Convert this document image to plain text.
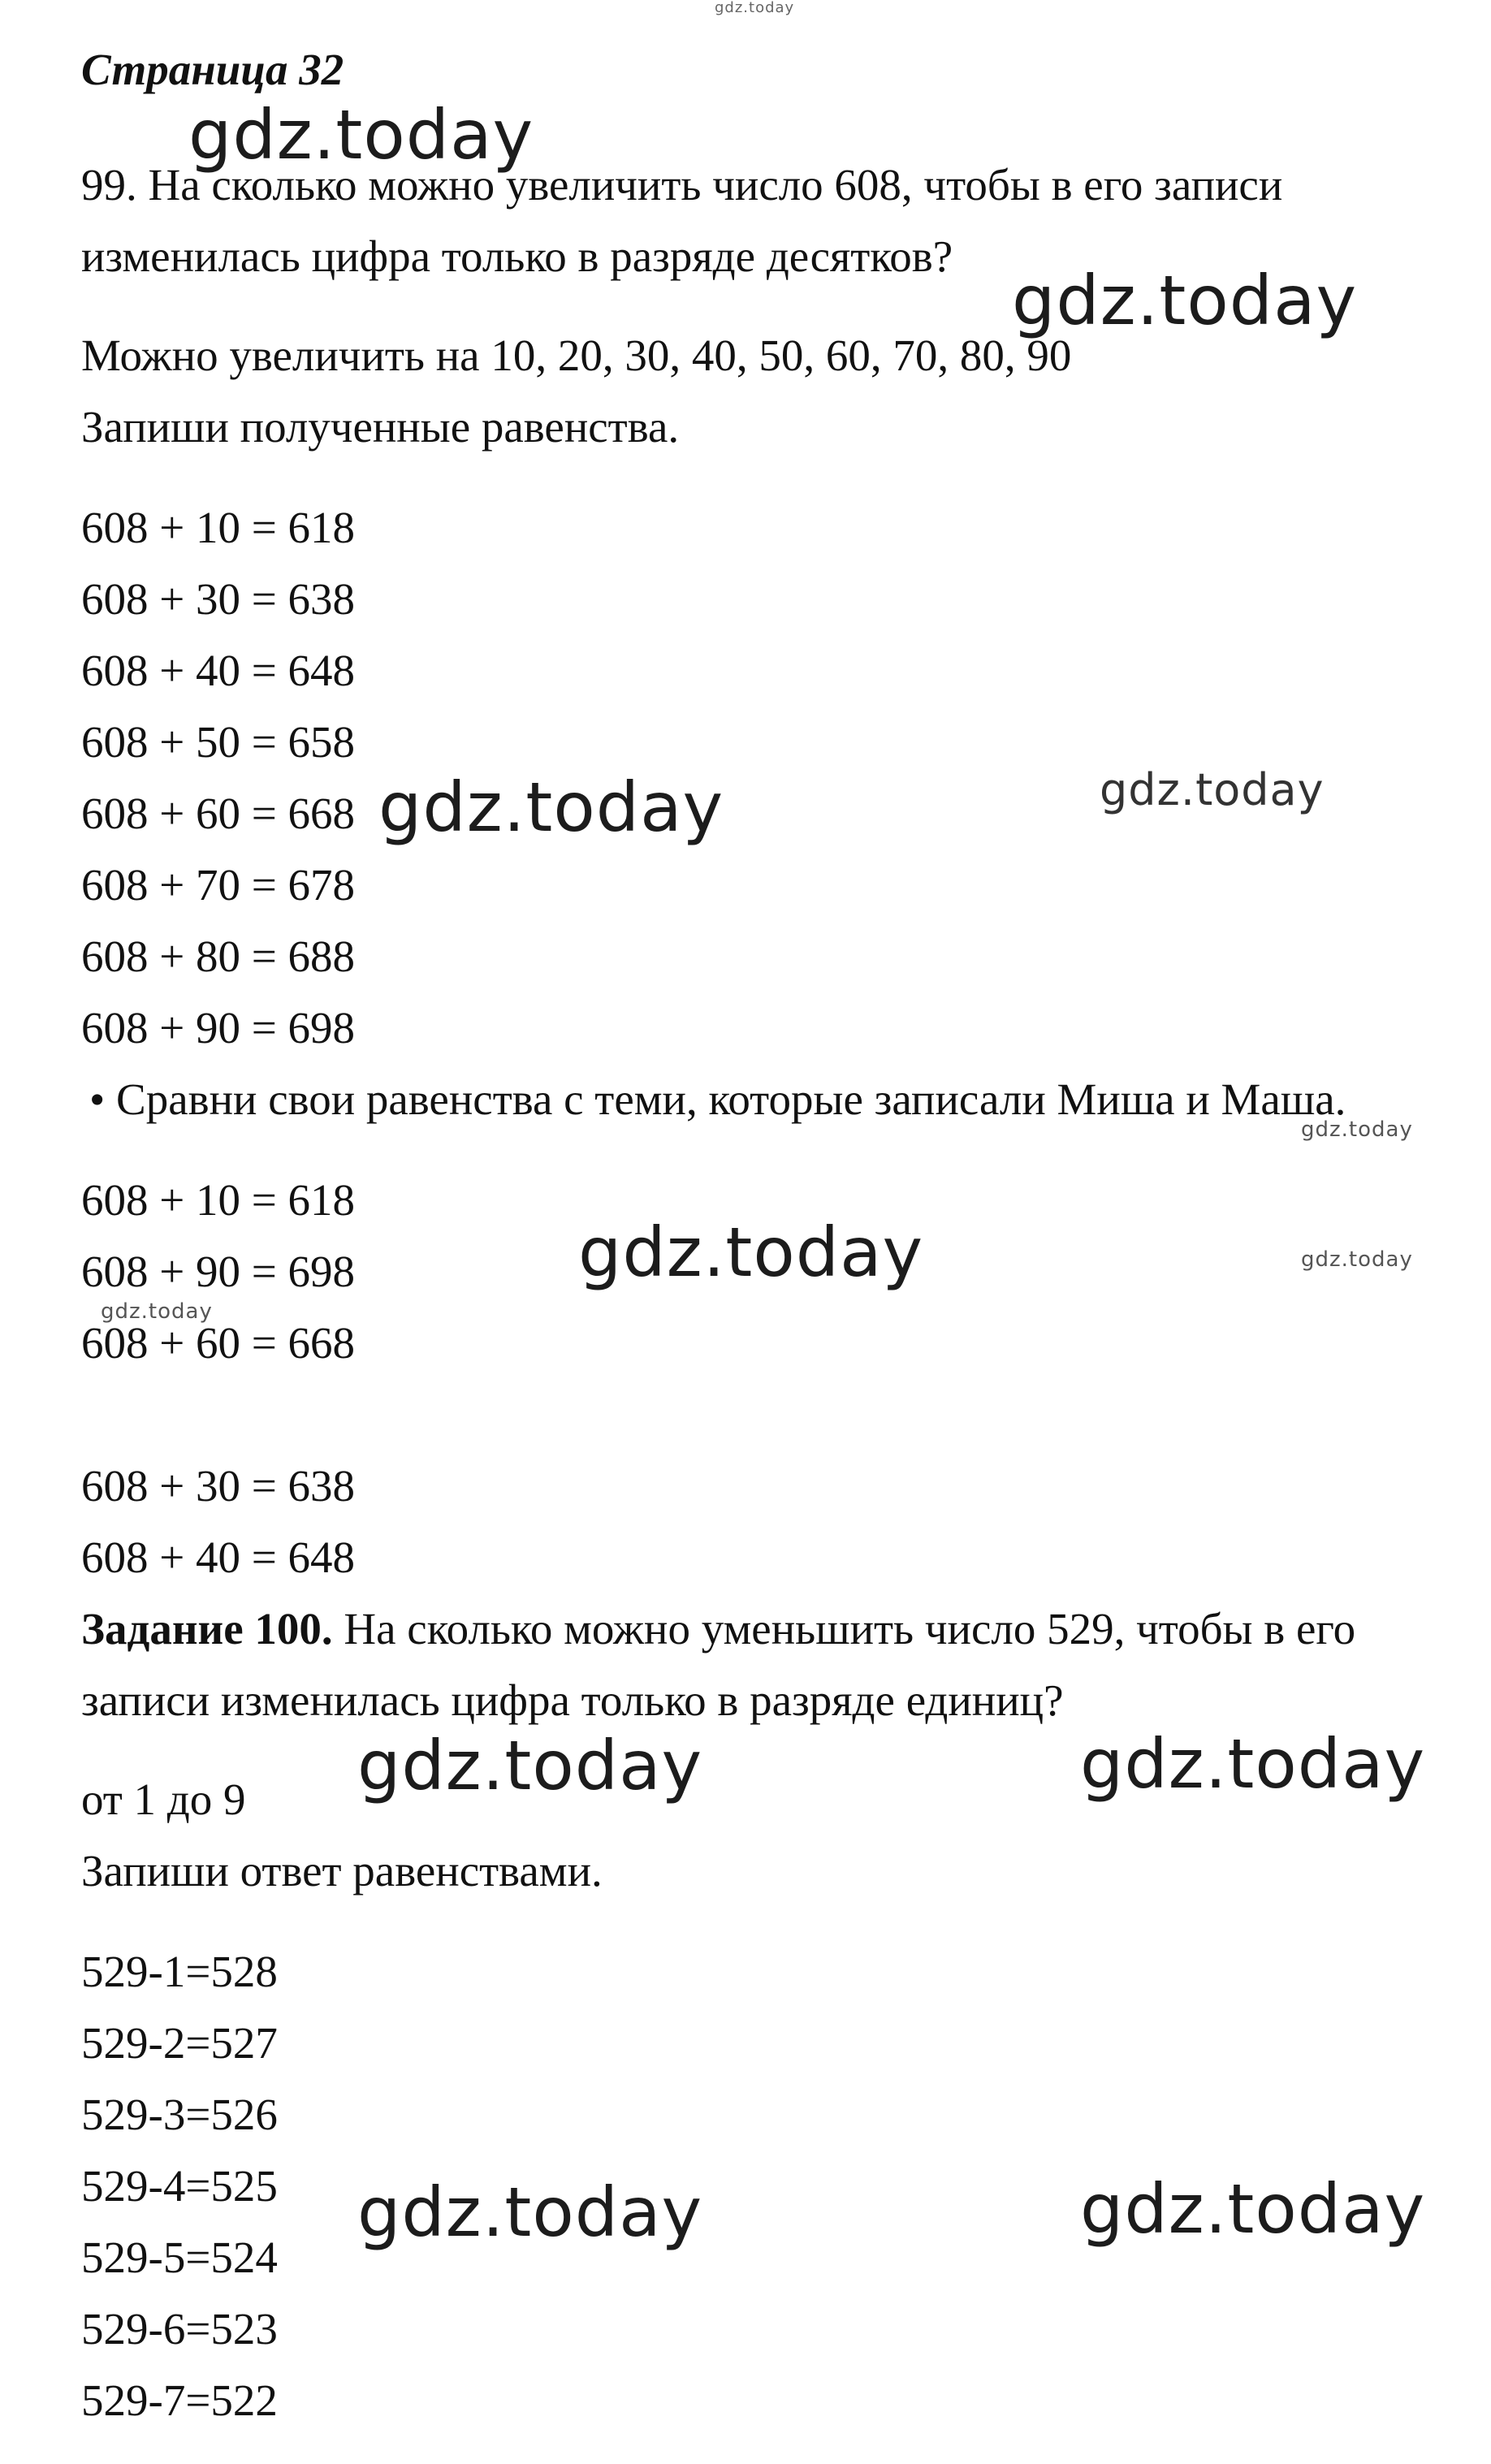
Страница 32
99. На сколько можно увеличить число 608, чтобы в его записи
изменилась цифра только в разряде десятков?
Можно увеличить на 10, 20, 30, 40, 50, 60, 70, 80, 90
Запиши полученные равенства.
608 + 10 = 618
608 + 30 = 638
608 + 40 = 648
608 + 50 = 658
608 + 60 = 668
608 + 70 = 678
608 + 80 = 688
608 + 90 = 698
• Сравни свои равенства с теми, которые записали Миша и Маша.
608 + 10 = 618
608 + 90 = 698
608 + 60 = 668
608 + 30 = 638
608 + 40 = 648
Задание 100. На сколько можно уменьшить число 529, чтобы в его
записи изменилась цифра только в разряде единиц?
от 1 до 9
Запиши ответ равенствами.
529-1=528
529-2=527
529-3=526
529-4=525
529-5=524
529-6=523
529-7=522
gdz.today
gdz.today
gdz.today
gdz.today	gdz.today
gdz.today
gdz.today	gdz.today
gdz.today
gdz.today	gdz.today
gdz.today	gdz.today
